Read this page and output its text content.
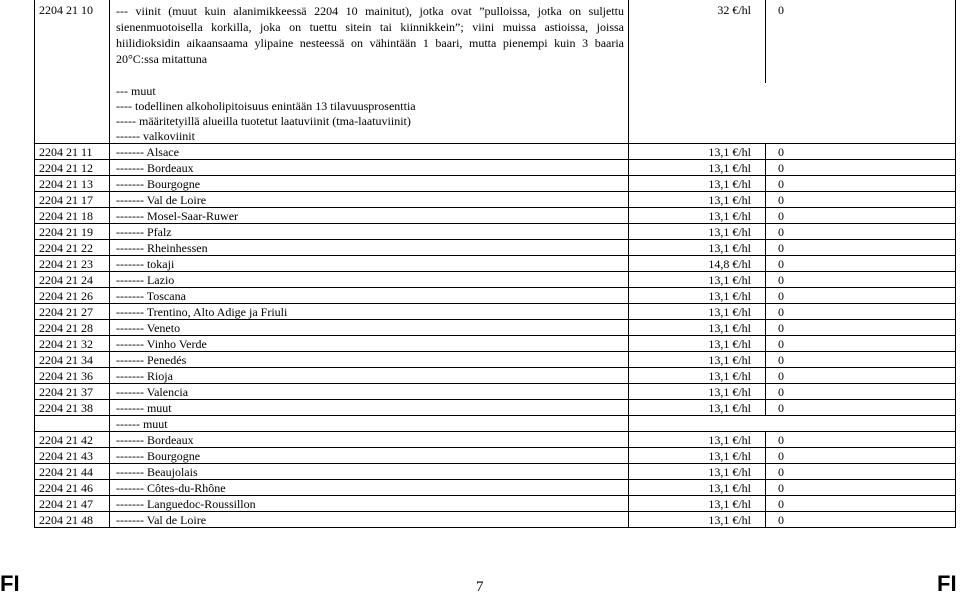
2204 21 10	--- viinit (muut kuin alanimikkeessä 2204 10 mainitut), jotka ovat ”pulloissa, jotka on suljettu sienenmuotoisella korkilla, joka on tuettu sitein tai kiinnikkein”; viini muissa astioissa, joissa hiilidioksidin aikaansaama ylipaine nesteessä on vähintään 1 baari, mutta pienempi kuin 3 baaria 20°C:ssa mitattuna	32 €/hl	0

	--- muut		
	---- todellinen alkoholipitoisuus enintään 13 tilavuusprosenttia		
	----- määritetyillä alueilla tuotetut laatuviinit (tma-laatuviinit)		
	------ valkoviinit		
2204 21 11	------- Alsace	13,1 €/hl	0
2204 21 12	------- Bordeaux	13,1 €/hl	0
2204 21 13	------- Bourgogne	13,1 €/hl	0
2204 21 17	------- Val de Loire	13,1 €/hl	0
2204 21 18	------- Mosel-Saar-Ruwer	13,1 €/hl	0
2204 21 19	------- Pfalz	13,1 €/hl	0
2204 21 22	------- Rheinhessen	13,1 €/hl	0
2204 21 23	------- tokaji	14,8 €/hl	0
2204 21 24	------- Lazio	13,1 €/hl	0
2204 21 26	------- Toscana	13,1 €/hl	0
2204 21 27	------- Trentino, Alto Adige ja Friuli	13,1 €/hl	0
2204 21 28	------- Veneto	13,1 €/hl	0
2204 21 32	------- Vinho Verde	13,1 €/hl	0
2204 21 34	------- Penedés	13,1 €/hl	0
2204 21 36	------- Rioja	13,1 €/hl	0
2204 21 37	------- Valencia	13,1 €/hl	0
2204 21 38	------- muut	13,1 €/hl	0
	------ muut		
2204 21 42	------- Bordeaux	13,1 €/hl	0
2204 21 43	------- Bourgogne	13,1 €/hl	0
2204 21 44	------- Beaujolais	13,1 €/hl	0
2204 21 46	------- Côtes-du-Rhône	13,1 €/hl	0
2204 21 47	------- Languedoc-Roussillon	13,1 €/hl	0
2204 21 48	------- Val de Loire	13,1 €/hl	0
FI	7	FI
